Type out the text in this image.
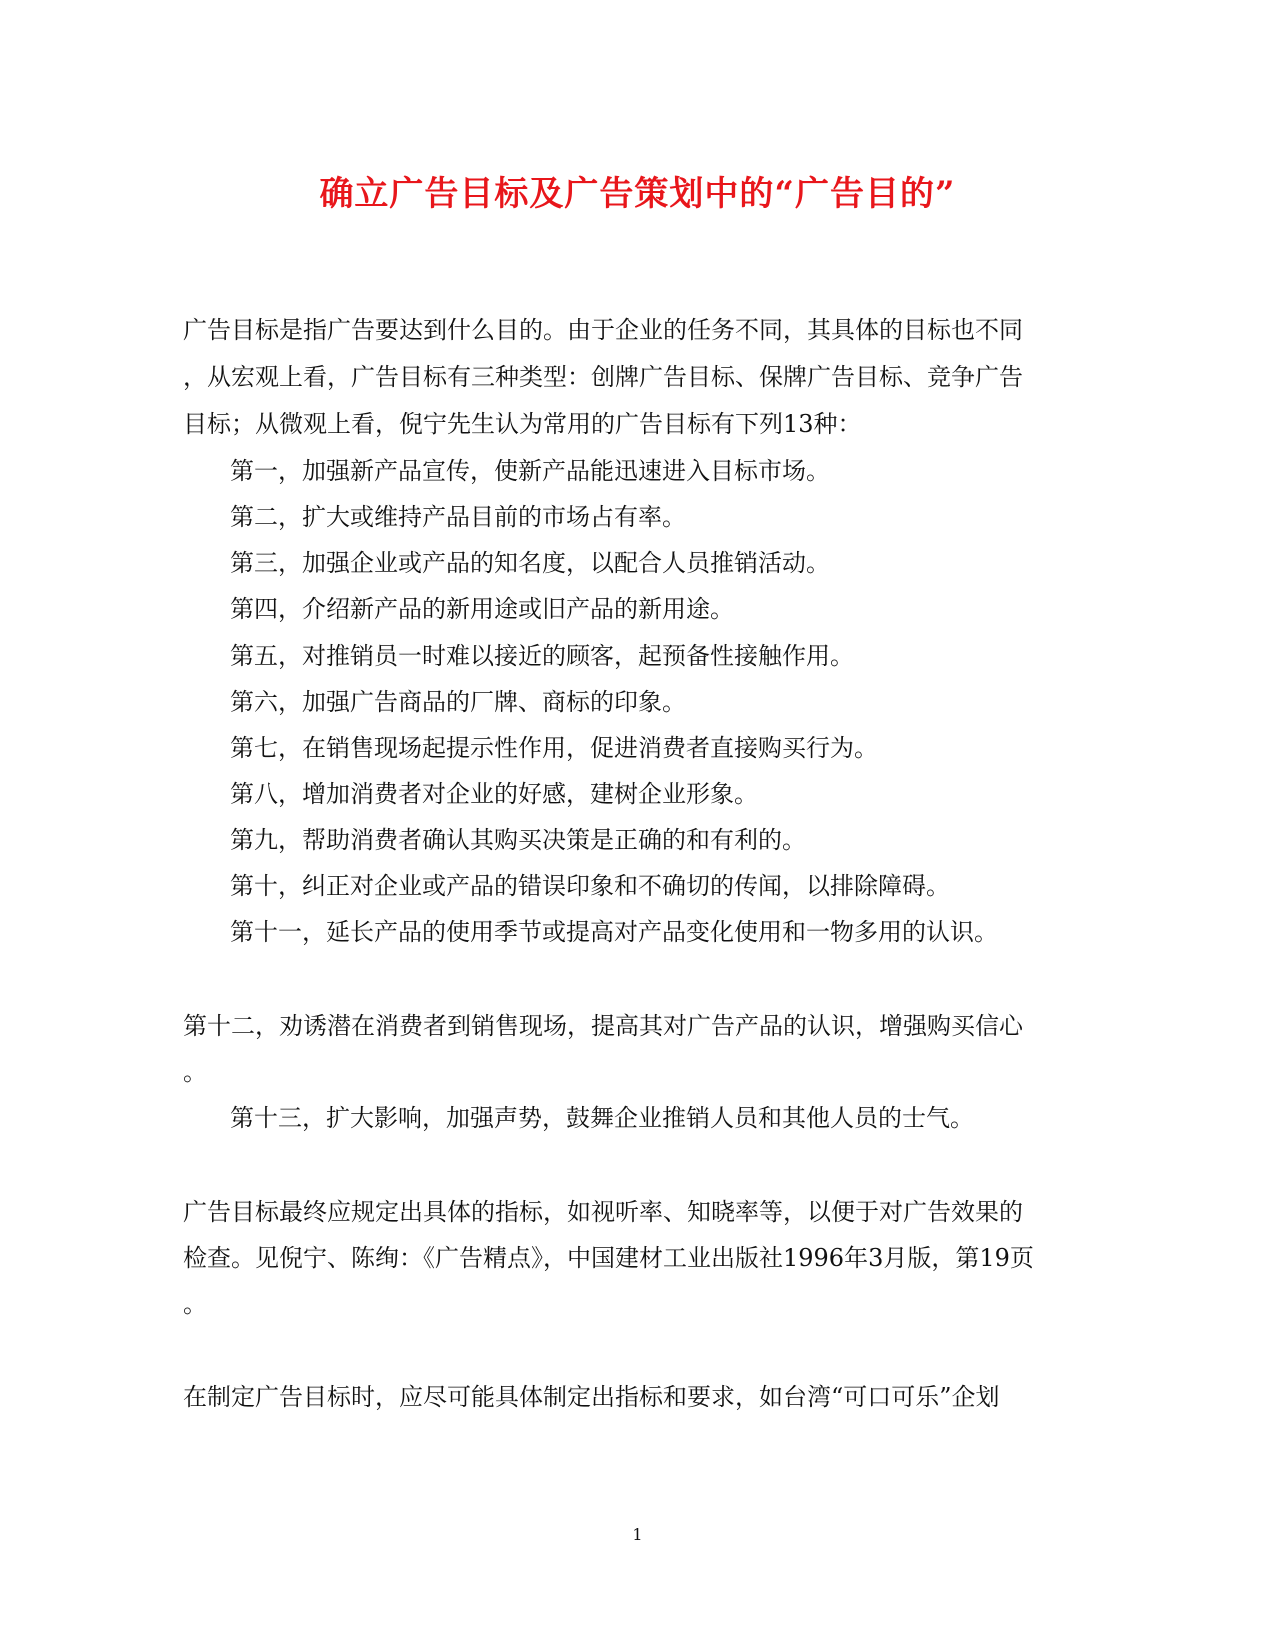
确立广告目标及广告策划中的“广告目的”
广告目标是指广告要达到什么目的。由于企业的任务不同，其具体的目标也不同
，从宏观上看，广告目标有三种类型：创牌广告目标、保牌广告目标、竞争广告
目标；从微观上看，倪宁先生认为常用的广告目标有下列13种：
第一，加强新产品宣传，使新产品能迅速进入目标市场。
第二，扩大或维持产品目前的市场占有率。
第三，加强企业或产品的知名度，以配合人员推销活动。
第四，介绍新产品的新用途或旧产品的新用途。
第五，对推销员一时难以接近的顾客，起预备性接触作用。
第六，加强广告商品的厂牌、商标的印象。
第七，在销售现场起提示性作用，促进消费者直接购买行为。
第八，增加消费者对企业的好感，建树企业形象。
第九，帮助消费者确认其购买决策是正确的和有利的。
第十，纠正对企业或产品的错误印象和不确切的传闻，以排除障碍。
第十一，延长产品的使用季节或提高对产品变化使用和一物多用的认识。
第十二，劝诱潜在消费者到销售现场，提高其对广告产品的认识，增强购买信心
。
第十三，扩大影响，加强声势，鼓舞企业推销人员和其他人员的士气。
广告目标最终应规定出具体的指标，如视听率、知晓率等，以便于对广告效果的
检查。见倪宁、陈绚：《广告精点》，中国建材工业出版社1996年3月版，第19页
。
在制定广告目标时，应尽可能具体制定出指标和要求，如台湾“可口可乐”企划
1
